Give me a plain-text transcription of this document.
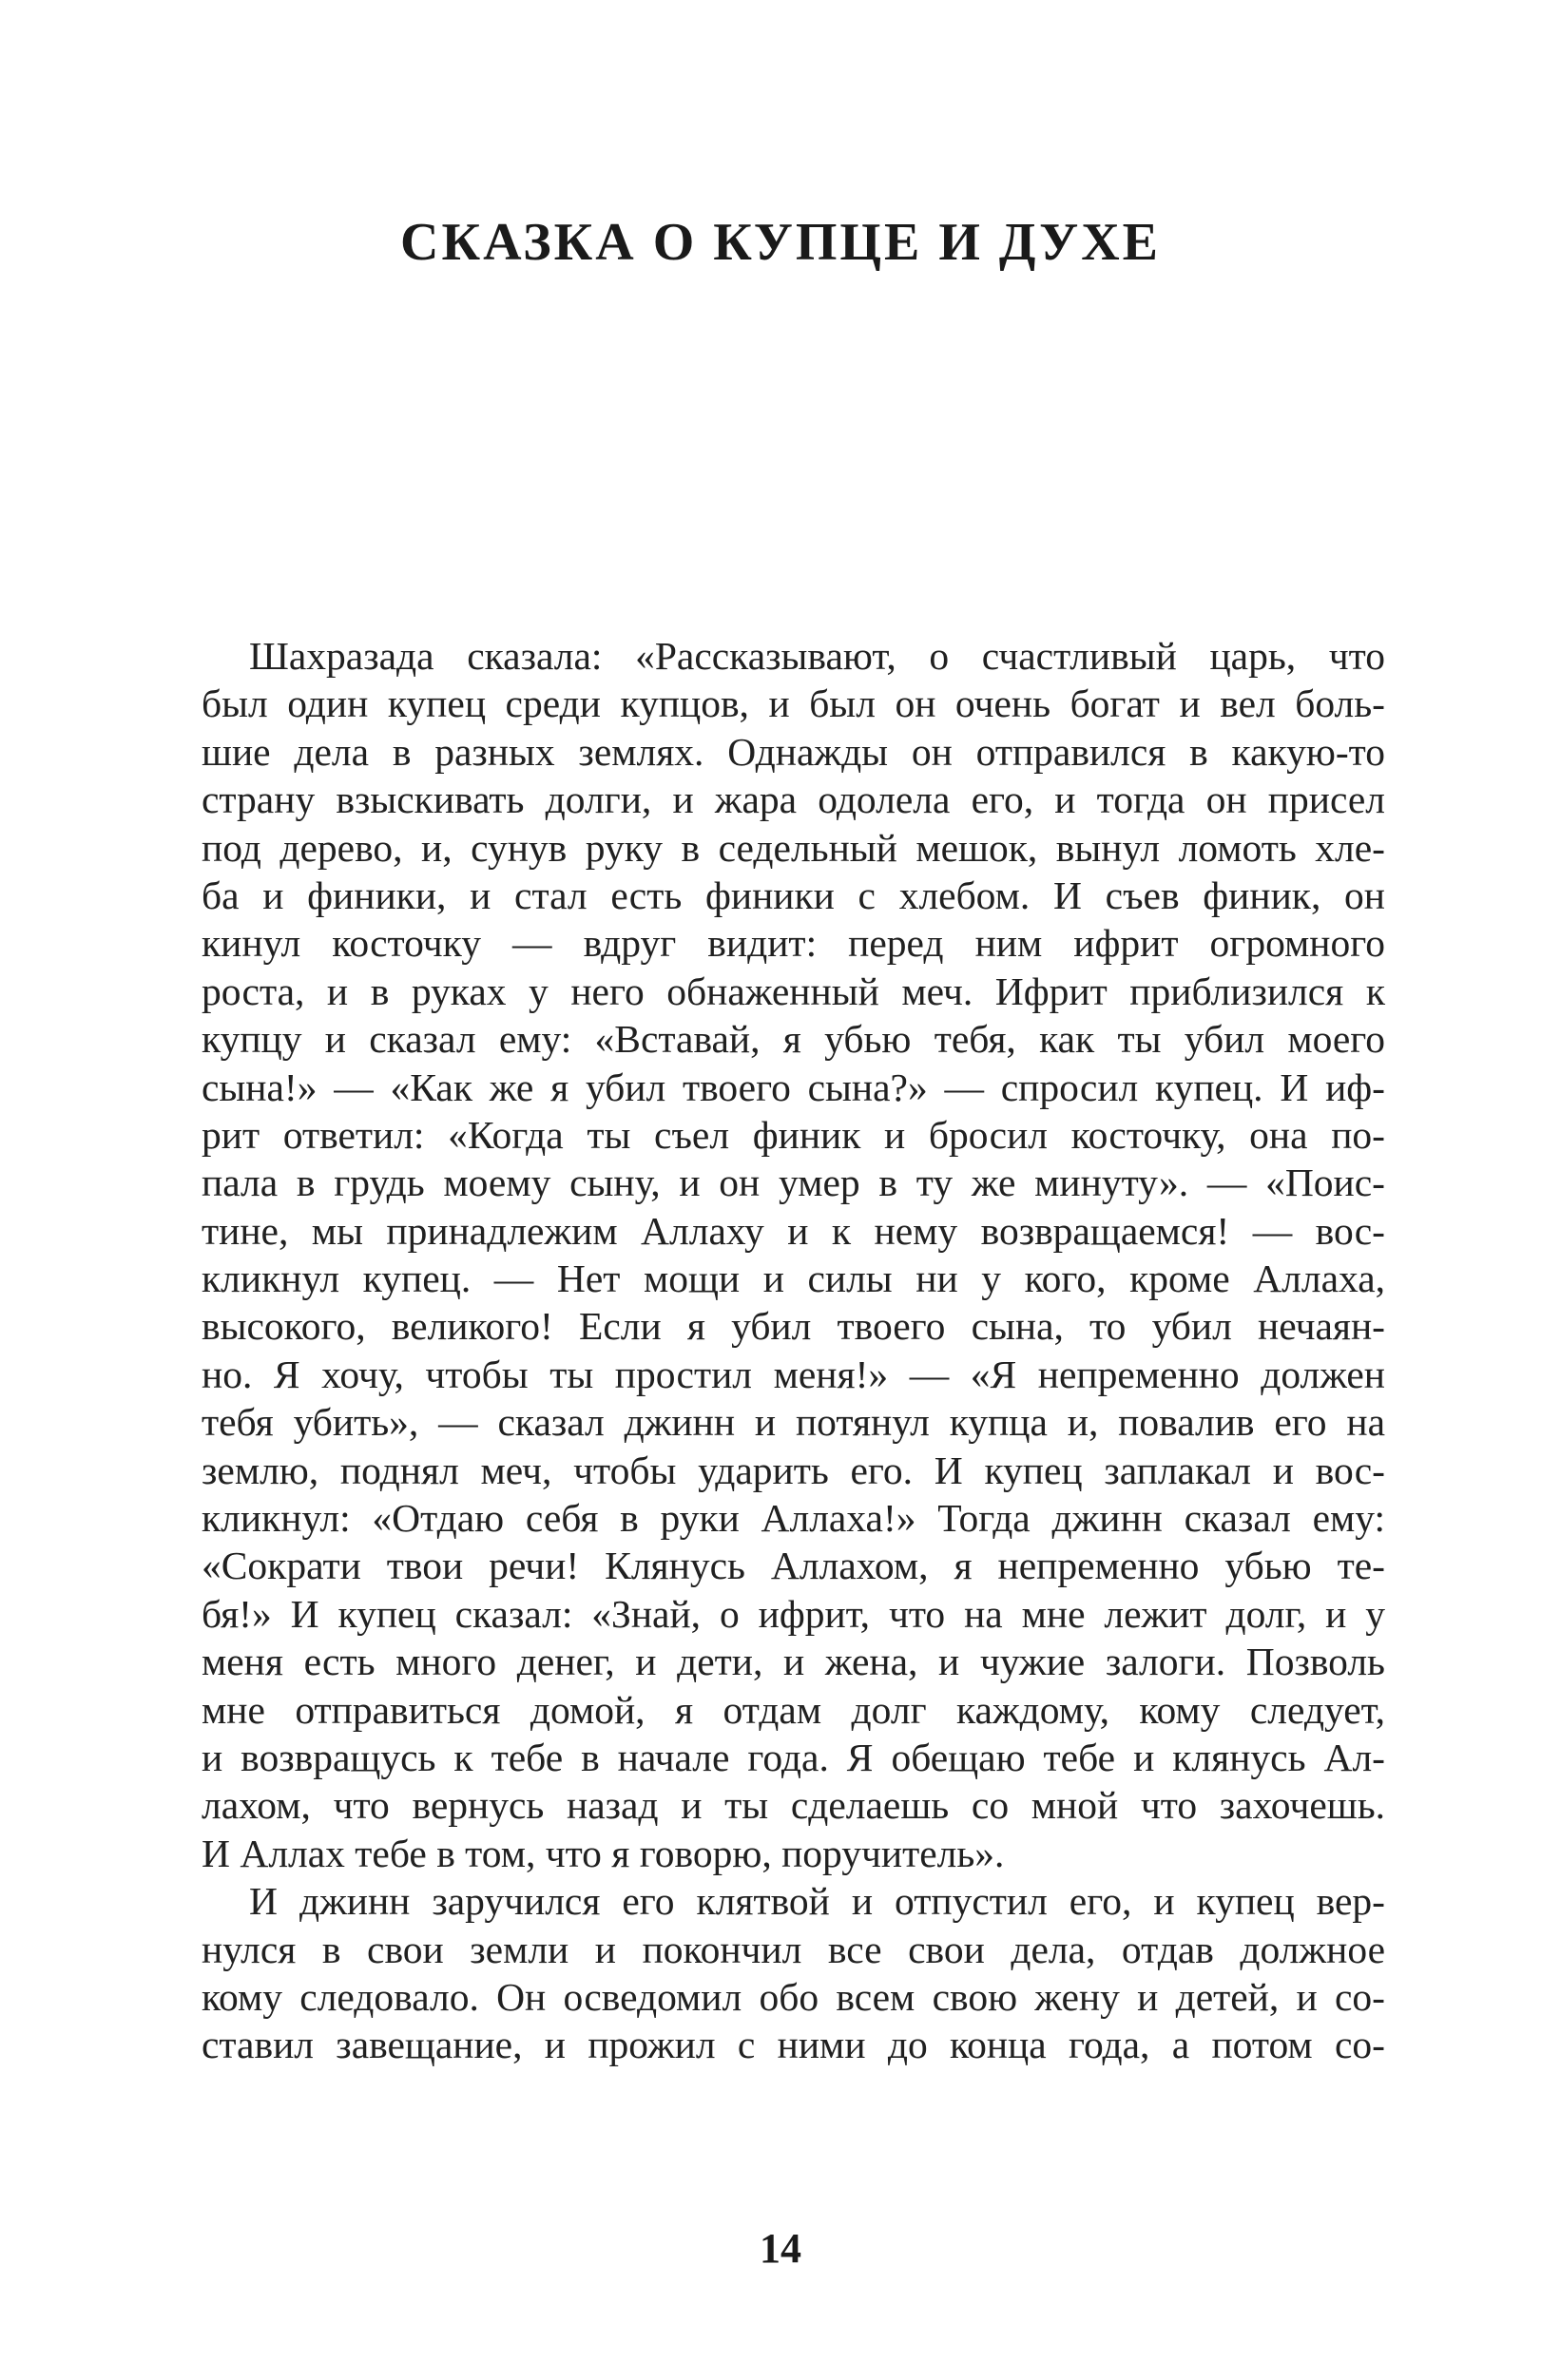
СКАЗКА О КУПЦЕ И ДУХЕ
Шахразада сказала: «Рассказывают, о счастливый царь, что
был один купец среди купцов, и был он очень богат и вел боль-
шие дела в разных землях. Однажды он отправился в какую-то
страну взыскивать долги, и жара одолела его, и тогда он присел
под дерево, и, сунув руку в седельный мешок, вынул ломоть хле-
ба и финики, и стал есть финики с хлебом. И съев финик, он
кинул косточку — вдруг видит: перед ним ифрит огромного
роста, и в руках у него обнаженный меч. Ифрит приблизился к
купцу и сказал ему: «Вставай, я убью тебя, как ты убил моего
сына!» — «Как же я убил твоего сына?» — спросил купец. И иф-
рит ответил: «Когда ты съел финик и бросил косточку, она по-
пала в грудь моему сыну, и он умер в ту же минуту». — «Поис-
тине, мы принадлежим Аллаху и к нему возвращаемся! — вос-
кликнул купец. — Нет мощи и силы ни у кого, кроме Аллаха,
высокого, великого! Если я убил твоего сына, то убил нечаян-
но. Я хочу, чтобы ты простил меня!» — «Я непременно должен
тебя убить», — сказал джинн и потянул купца и, повалив его на
землю, поднял меч, чтобы ударить его. И купец заплакал и вос-
кликнул: «Отдаю себя в руки Аллаха!» Тогда джинн сказал ему:
«Сократи твои речи! Клянусь Аллахом, я непременно убью те-
бя!» И купец сказал: «Знай, о ифрит, что на мне лежит долг, и у
меня есть много денег, и дети, и жена, и чужие залоги. Позволь
мне отправиться домой, я отдам долг каждому, кому следует,
и возвращусь к тебе в начале года. Я обещаю тебе и клянусь Ал-
лахом, что вернусь назад и ты сделаешь со мной что захочешь.
И Аллах тебе в том, что я говорю, поручитель».
И джинн заручился его клятвой и отпустил его, и купец вер-
нулся в свои земли и покончил все свои дела, отдав должное
кому следовало. Он осведомил обо всем свою жену и детей, и со-
ставил завещание, и прожил с ними до конца года, а потом со-
14
